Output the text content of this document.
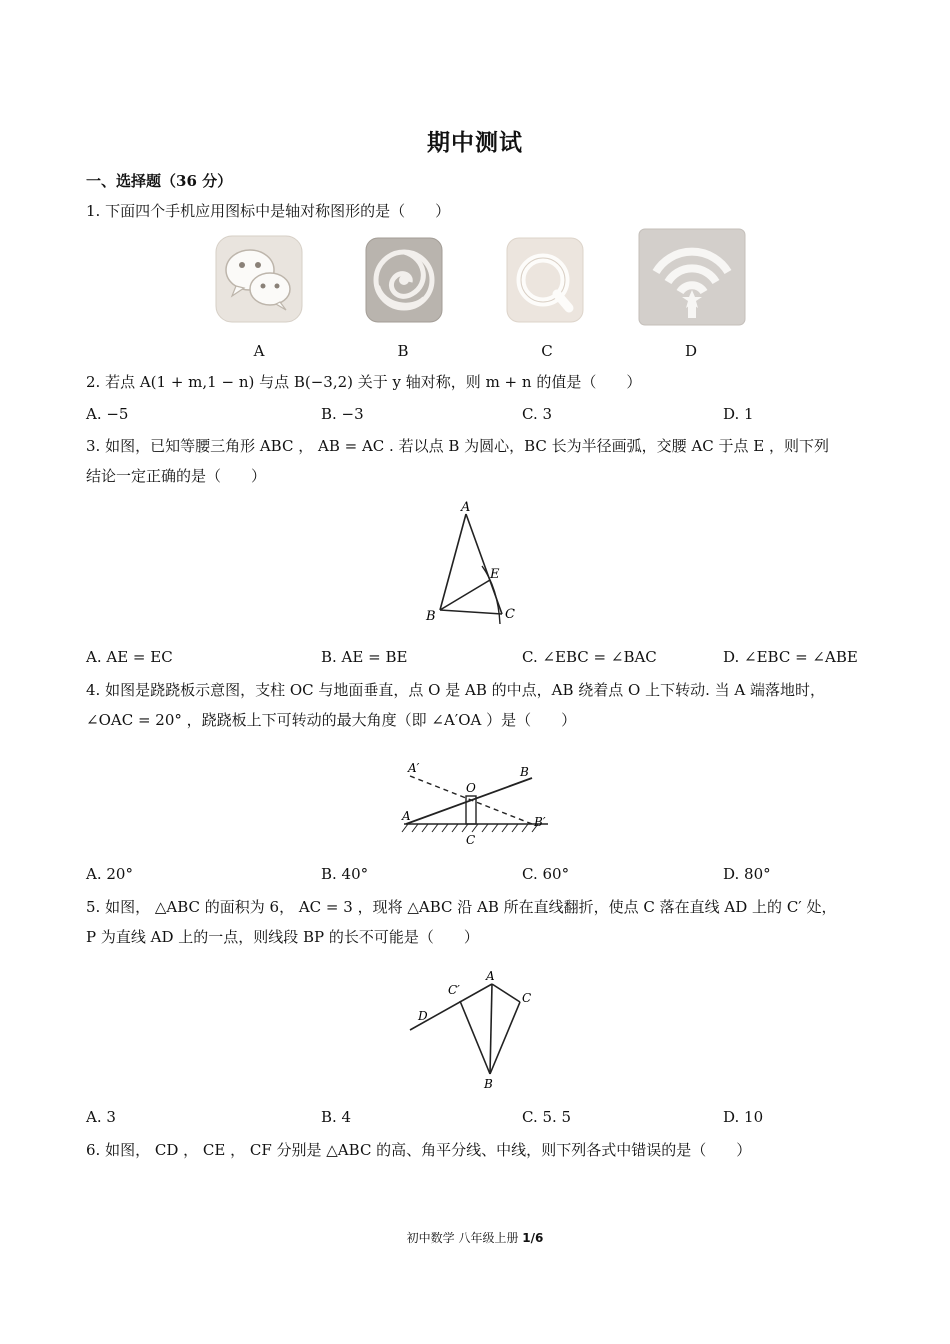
期中测试
一、选择题（36 分）
1. 下面四个手机应用图标中是轴对称图形的是（　　）
A	B	C	D
2. 若点 A(1 + m,1 − n) 与点 B(−3,2) 关于 y 轴对称，则 m + n 的值是（　　）
A. −5	B. −3	C. 3	D. 1
3. 如图，已知等腰三角形 ABC ， AB = AC . 若以点 B 为圆心，BC 长为半径画弧，交腰 AC 于点 E ，则下列
结论一定正确的是（　　）
A
E
B	C
A. AE = EC	B. AE = BE	C. ∠EBC = ∠BAC	D. ∠EBC = ∠ABE
4. 如图是跷跷板示意图，支柱 OC 与地面垂直，点 O 是 AB 的中点，AB 绕着点 O 上下转动. 当 A 端落地时，
∠OAC = 20° ，跷跷板上下可转动的最大角度（即 ∠A′OA ）是（　　）
A′
O
B
A	B′
C
A. 20°	B. 40°	C. 60°	D. 80°
5. 如图， △ABC 的面积为 6， AC = 3 ，现将 △ABC 沿 AB 所在直线翻折，使点 C 落在直线 AD 上的 C′ 处，
P 为直线 AD 上的一点，则线段 BP 的长不可能是（　　）
D
C′
A
C
B
A. 3	B. 4	C. 5. 5	D. 10
6. 如图， CD ， CE ， CF 分别是 △ABC 的高、角平分线、中线，则下列各式中错误的是（　　）
初中数学 八年级上册 1/6
